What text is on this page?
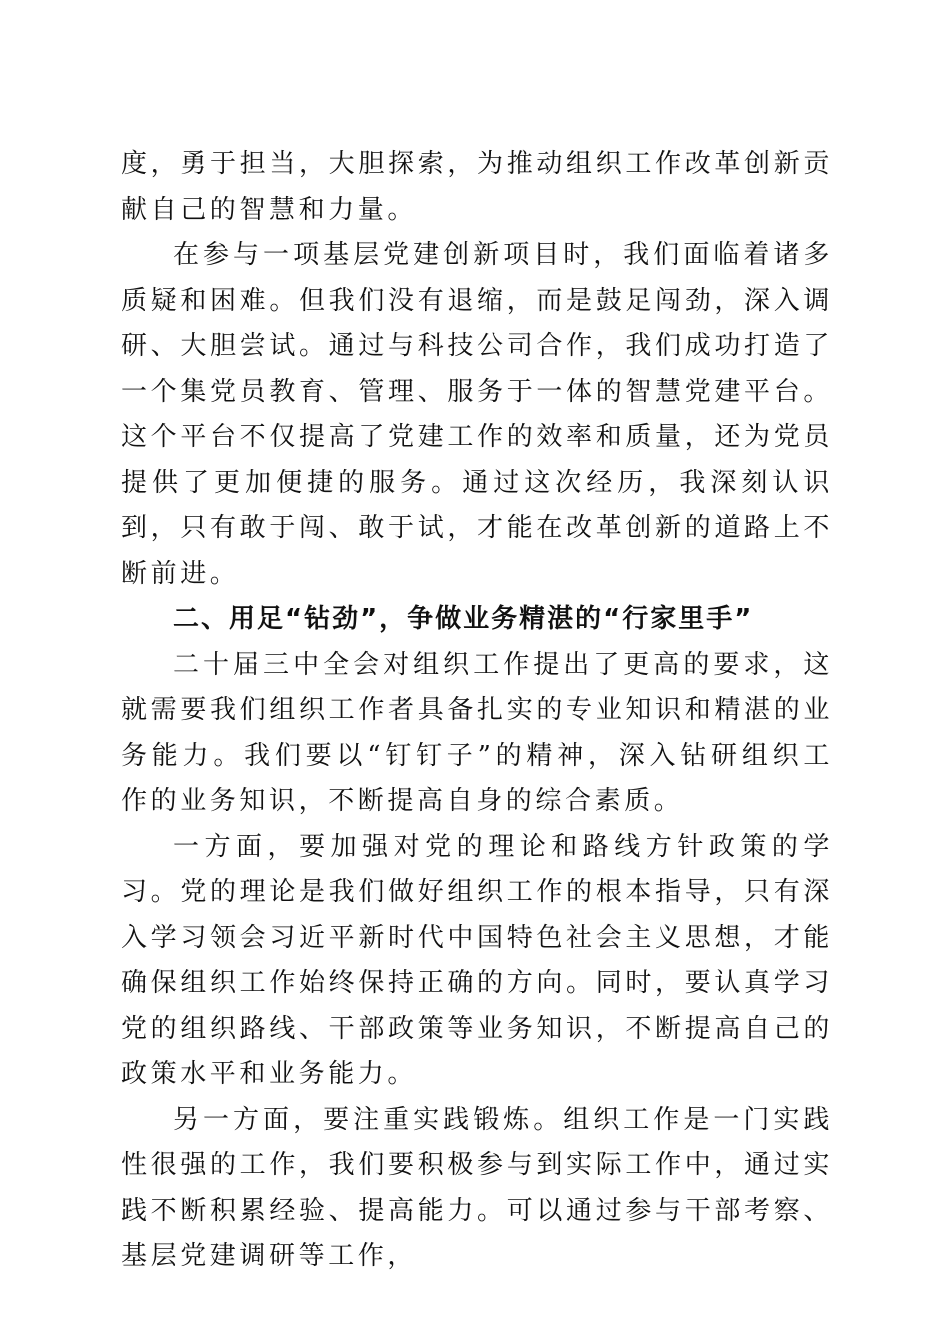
度，勇于担当，大胆探索，为推动组织工作改革创新贡献自己的智慧和力量。

在参与一项基层党建创新项目时，我们面临着诸多质疑和困难。但我们没有退缩，而是鼓足闯劲，深入调研、大胆尝试。通过与科技公司合作，我们成功打造了一个集党员教育、管理、服务于一体的智慧党建平台。这个平台不仅提高了党建工作的效率和质量，还为党员提供了更加便捷的服务。通过这次经历，我深刻认识到，只有敢于闯、敢于试，才能在改革创新的道路上不断前进。

二、用足“钻劲”，争做业务精湛的“行家里手”

二十届三中全会对组织工作提出了更高的要求，这就需要我们组织工作者具备扎实的专业知识和精湛的业务能力。我们要以“钉钉子”的精神，深入钻研组织工作的业务知识，不断提高自身的综合素质。

一方面，要加强对党的理论和路线方针政策的学习。党的理论是我们做好组织工作的根本指导，只有深入学习领会习近平新时代中国特色社会主义思想，才能确保组织工作始终保持正确的方向。同时，要认真学习党的组织路线、干部政策等业务知识，不断提高自己的政策水平和业务能力。

另一方面，要注重实践锻炼。组织工作是一门实践性很强的工作，我们要积极参与到实际工作中，通过实践不断积累经验、提高能力。可以通过参与干部考察、基层党建调研等工作，
